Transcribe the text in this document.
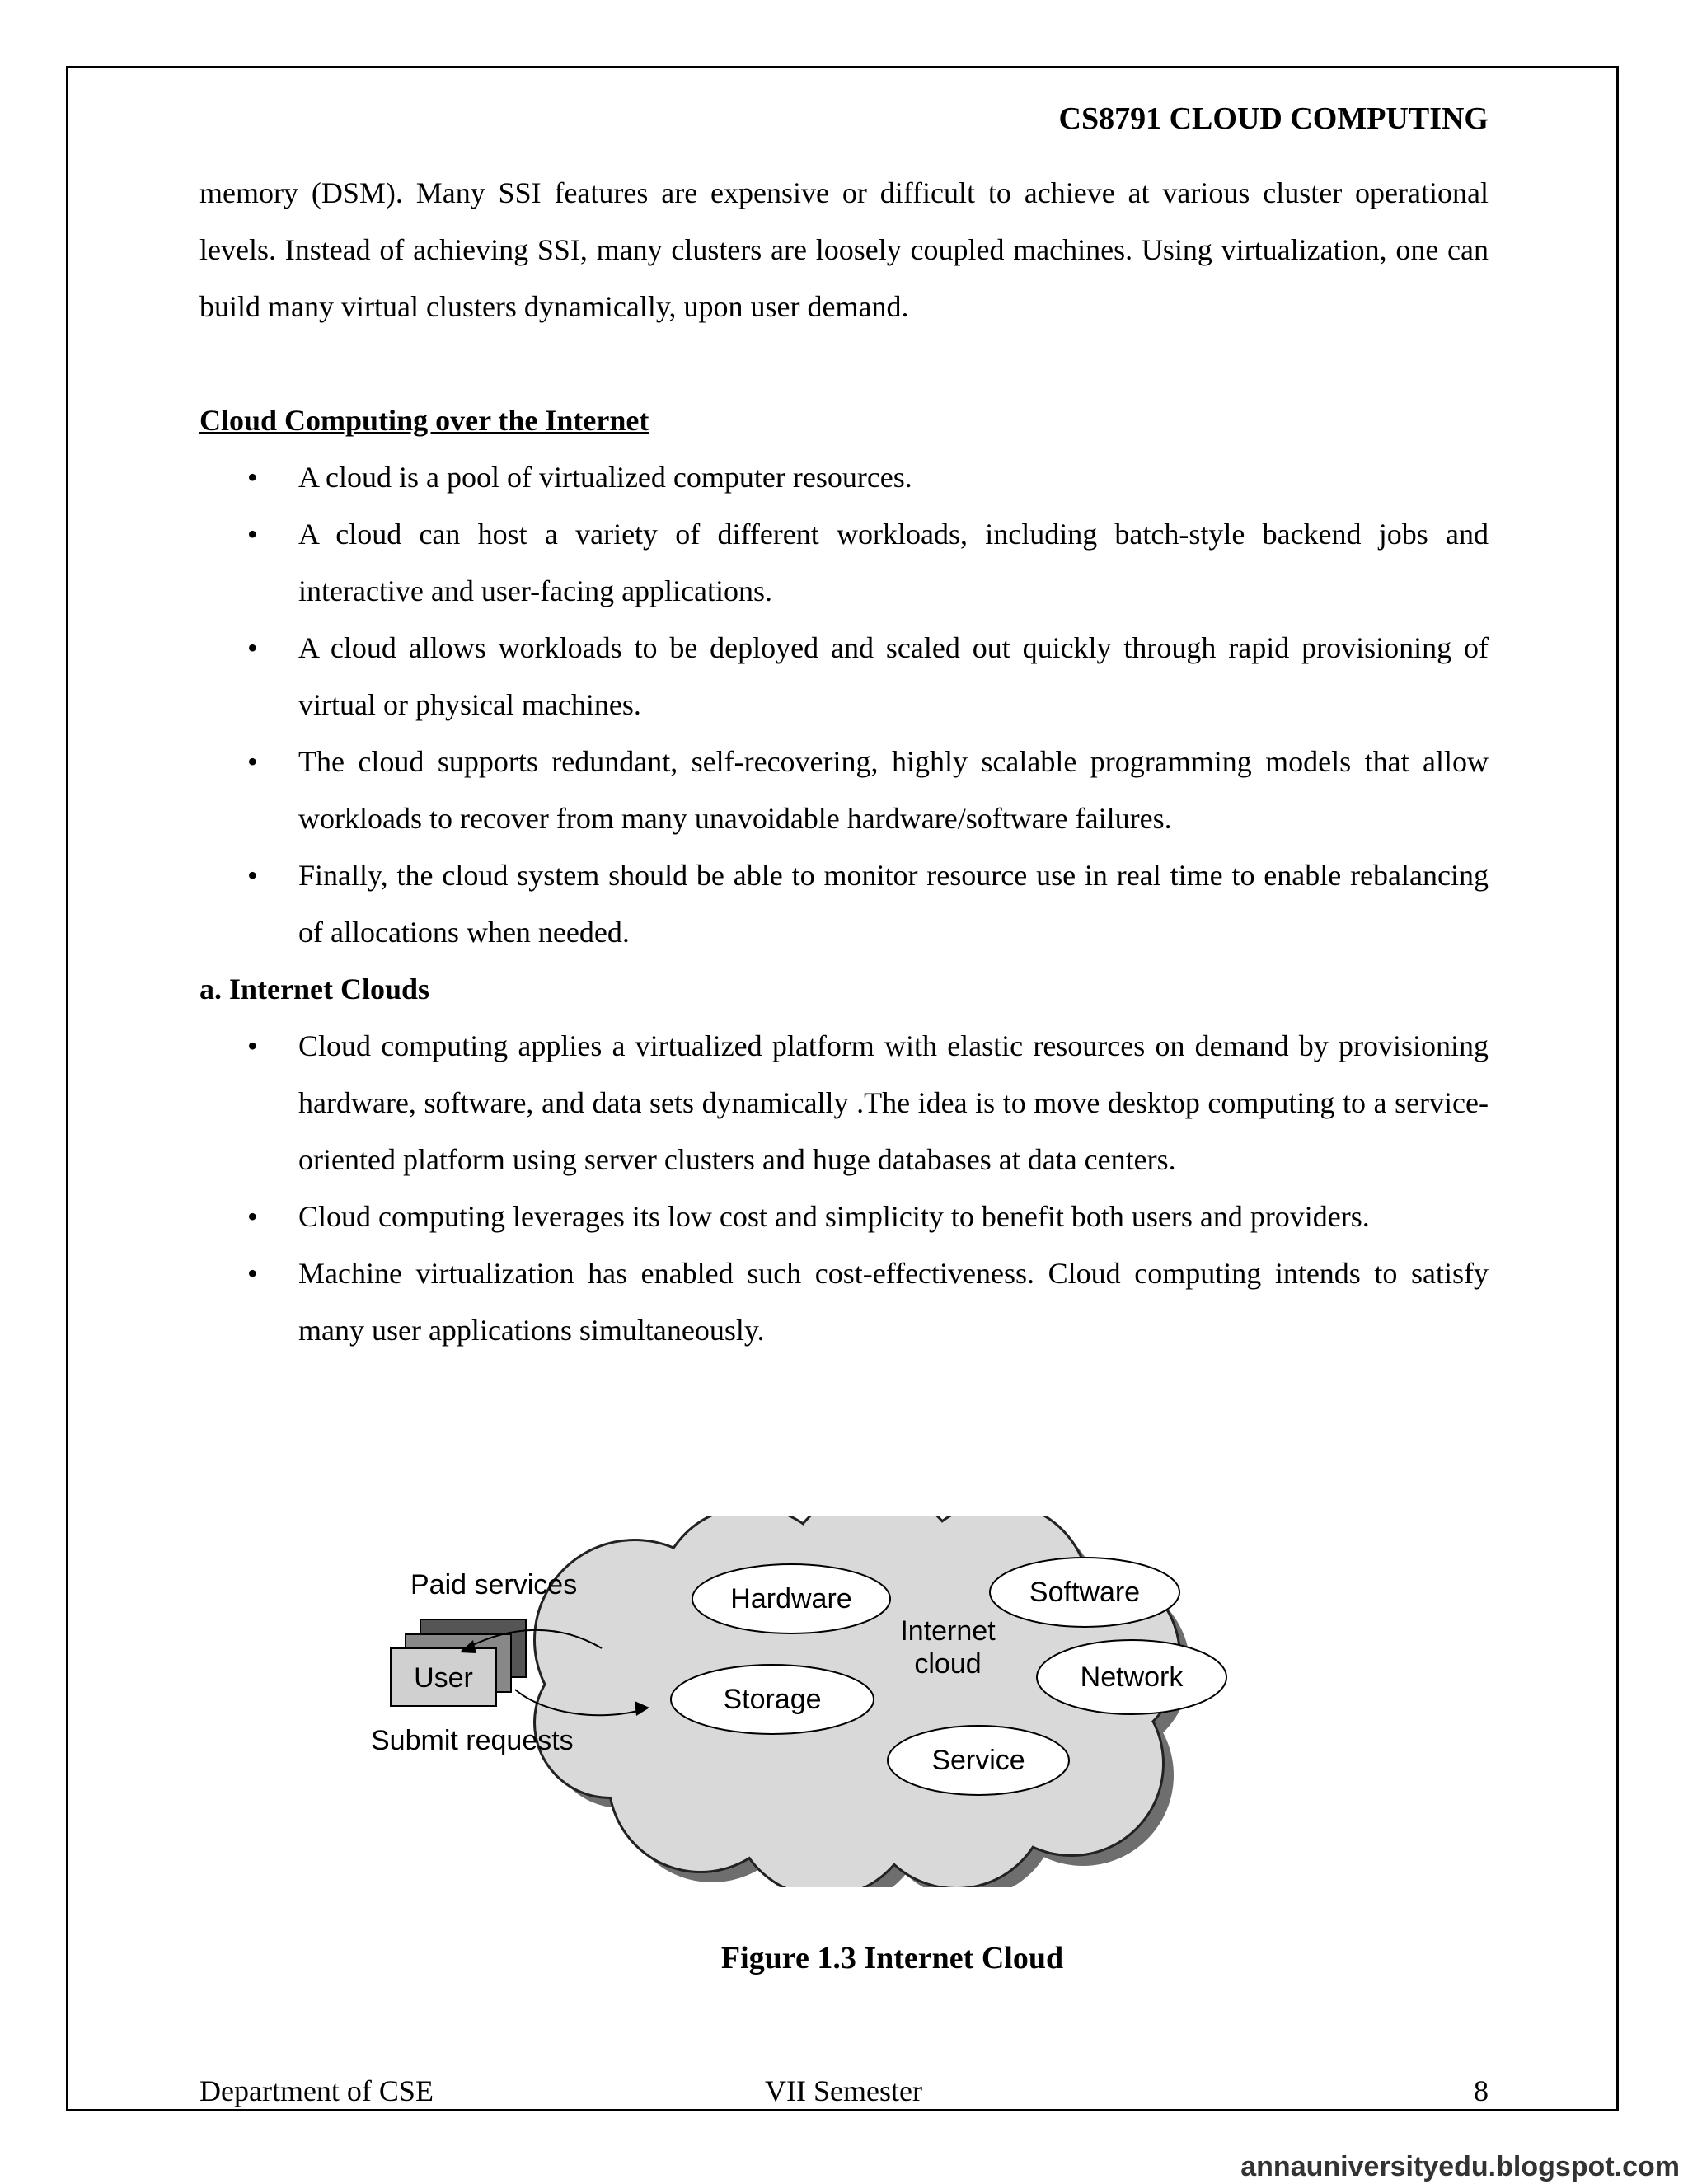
CS8791 CLOUD COMPUTING

memory (DSM). Many SSI features are expensive or difficult to achieve at various cluster operational levels. Instead of achieving SSI, many clusters are loosely coupled machines. Using virtualization, one can build many virtual clusters dynamically, upon user demand.

Cloud Computing over the Internet
• A cloud is a pool of virtualized computer resources.
• A cloud can host a variety of different workloads, including batch-style backend jobs and interactive and user-facing applications.
• A cloud allows workloads to be deployed and scaled out quickly through rapid provisioning of virtual or physical machines.
• The cloud supports redundant, self-recovering, highly scalable programming models that allow workloads to recover from many unavoidable hardware/software failures.
• Finally, the cloud system should be able to monitor resource use in real time to enable rebalancing of allocations when needed.
a. Internet Clouds
• Cloud computing applies a virtualized platform with elastic resources on demand by provisioning hardware, software, and data sets dynamically .The idea is to move desktop computing to a service-oriented platform using server clusters and huge databases at data centers.
• Cloud computing leverages its low cost and simplicity to benefit both users and providers.
• Machine virtualization has enabled such cost-effectiveness. Cloud computing intends to satisfy many user applications simultaneously.
User
Paid services
Submit requests
Hardware	Software
Storage
Network
Service
Internet
cloud
Figure 1.3 Internet Cloud
Department of CSE	VII Semester	8
annauniversityedu.blogspot.com
